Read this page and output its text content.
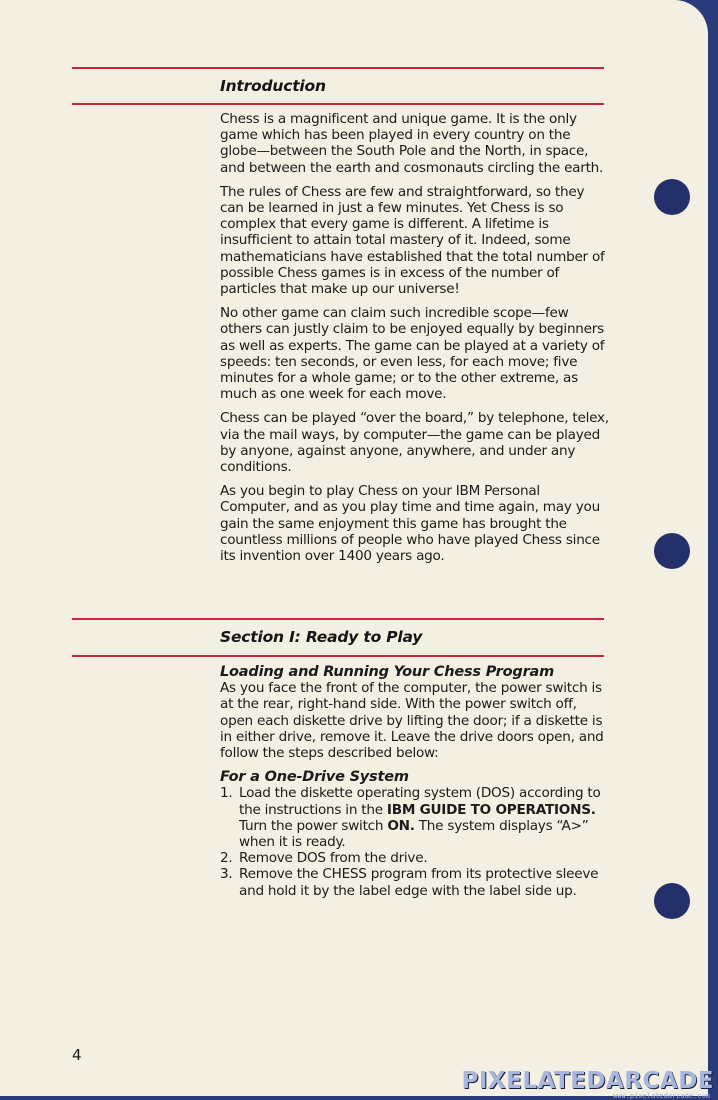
Introduction

Chess is a magnificent and unique game. It is the only game which has been played in every country on the globe—between the South Pole and the North, in space, and between the earth and cosmonauts circling the earth.

The rules of Chess are few and straightforward, so they can be learned in just a few minutes. Yet Chess is so complex that every game is different. A lifetime is insufficient to attain total mastery of it. Indeed, some mathematicians have established that the total number of possible Chess games is in excess of the number of particles that make up our universe!

No other game can claim such incredible scope—few others can justly claim to be enjoyed equally by beginners as well as experts. The game can be played at a variety of speeds: ten seconds, or even less, for each move; five minutes for a whole game; or to the other extreme, as much as one week for each move.

Chess can be played “over the board,” by telephone, telex, via the mail ways, by computer—the game can be played by anyone, against anyone, anywhere, and under any conditions.

As you begin to play Chess on your IBM Personal Computer, and as you play time and time again, may you gain the same enjoyment this game has brought the countless millions of people who have played Chess since its invention over 1400 years ago.

Section I: Ready to Play
Loading and Running Your Chess Program

As you face the front of the computer, the power switch is at the rear, right-hand side. With the power switch off, open each diskette drive by lifting the door; if a diskette is in either drive, remove it. Leave the drive doors open, and follow the steps described below:

For a One-Drive System
1. Load the diskette operating system (DOS) according to the instructions in the IBM GUIDE TO OPERATIONS. Turn the power switch ON. The system displays “A>” when it is ready.
2. Remove DOS from the drive.
3. Remove the CHESS program from its protective sleeve and hold it by the label edge with the label side up.
4
PIXELATEDARCADE
www.pixelatedarcade.com
